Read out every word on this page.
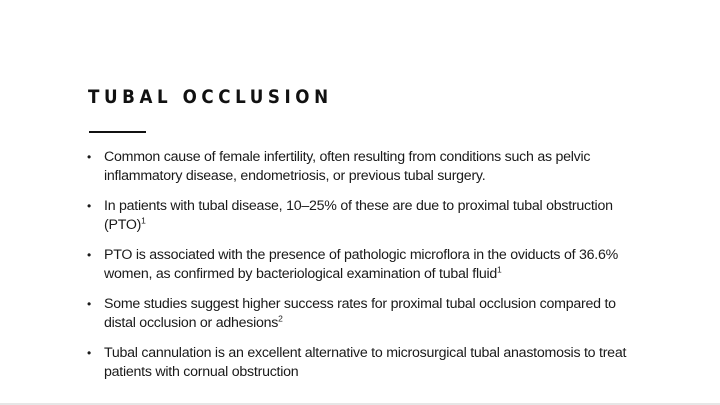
TUBAL OCCLUSION
• Common cause of female infertility, often resulting from conditions such as pelvic inflammatory disease, endometriosis, or previous tubal surgery.
• In patients with tubal disease, 10–25% of these are due to proximal tubal obstruction (PTO)$^1$
• PTO is associated with the presence of pathologic microflora in the oviducts of 36.6% women, as confirmed by bacteriological examination of tubal fluid$^1$
• Some studies suggest higher success rates for proximal tubal occlusion compared to distal occlusion or adhesions$^2$
• Tubal cannulation is an excellent alternative to microsurgical tubal anastomosis to treat patients with cornual obstruction
